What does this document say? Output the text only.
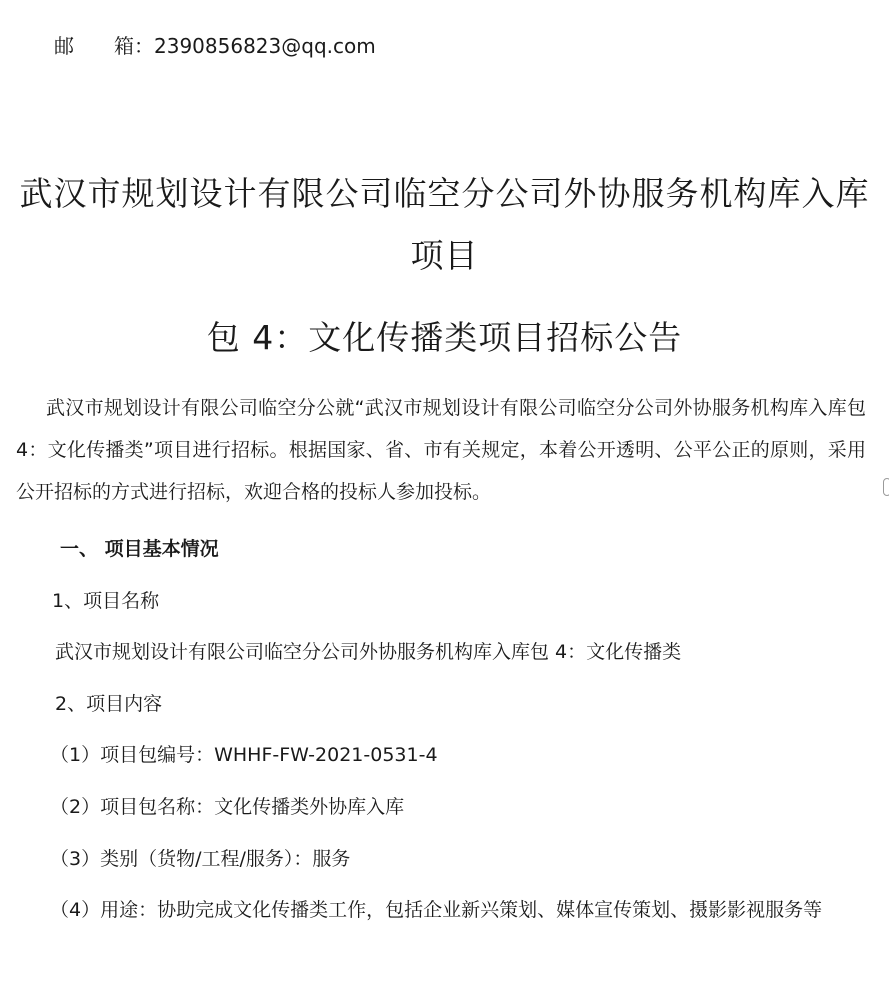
邮　　箱：2390856823@qq.com
武汉市规划设计有限公司临空分公司外协服务机构库入库
项目
包 4：文化传播类项目招标公告
武汉市规划设计有限公司临空分公就“武汉市规划设计有限公司临空分公司外协服务机构库入库包 4：文化传播类”项目进行招标。根据国家、省、市有关规定，本着公开透明、公平公正的原则，采用公开招标的方式进行招标，欢迎合格的投标人参加投标。
一、 项目基本情况
1、项目名称
武汉市规划设计有限公司临空分公司外协服务机构库入库包 4：文化传播类
2、项目内容
（1）项目包编号：WHHF-FW-2021-0531-4
（2）项目包名称：文化传播类外协库入库
（3）类别（货物/工程/服务）：服务
（4）用途：协助完成文化传播类工作，包括企业新兴策划、媒体宣传策划、摄影影视服务等
